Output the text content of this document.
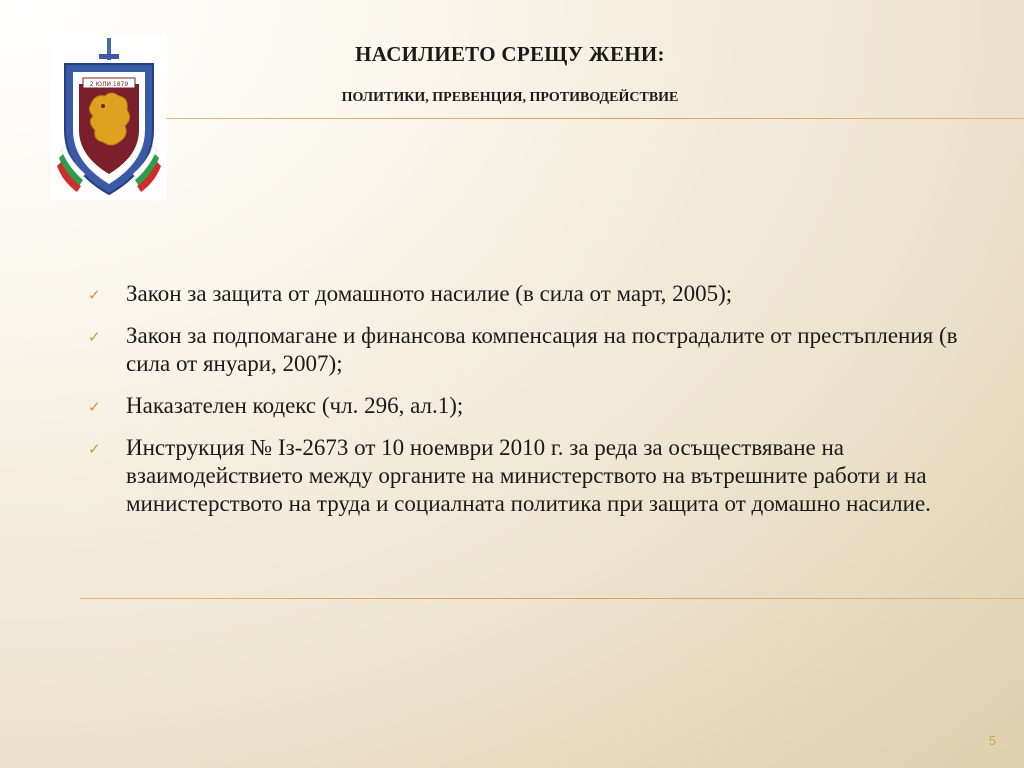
2 ЮЛИ 1879
НАСИЛИЕТО СРЕЩУ ЖЕНИ:
ПОЛИТИКИ, ПРЕВЕНЦИЯ, ПРОТИВОДЕЙСТВИЕ
✓ Закон за защита от домашното насилие (в сила от март, 2005);
✓ Закон за подпомагане и финансова компенсация на пострадалите от престъпления (в сила от януари, 2007);
✓ Наказателен кодекс (чл. 296, ал.1);
✓ Инструкция № Із-2673 от 10 ноември 2010 г. за реда за осъществяване на взаимодействието между органите на министерството на вътрешните работи и на министерството на труда и социалната политика при защита от домашно насилие.
5
